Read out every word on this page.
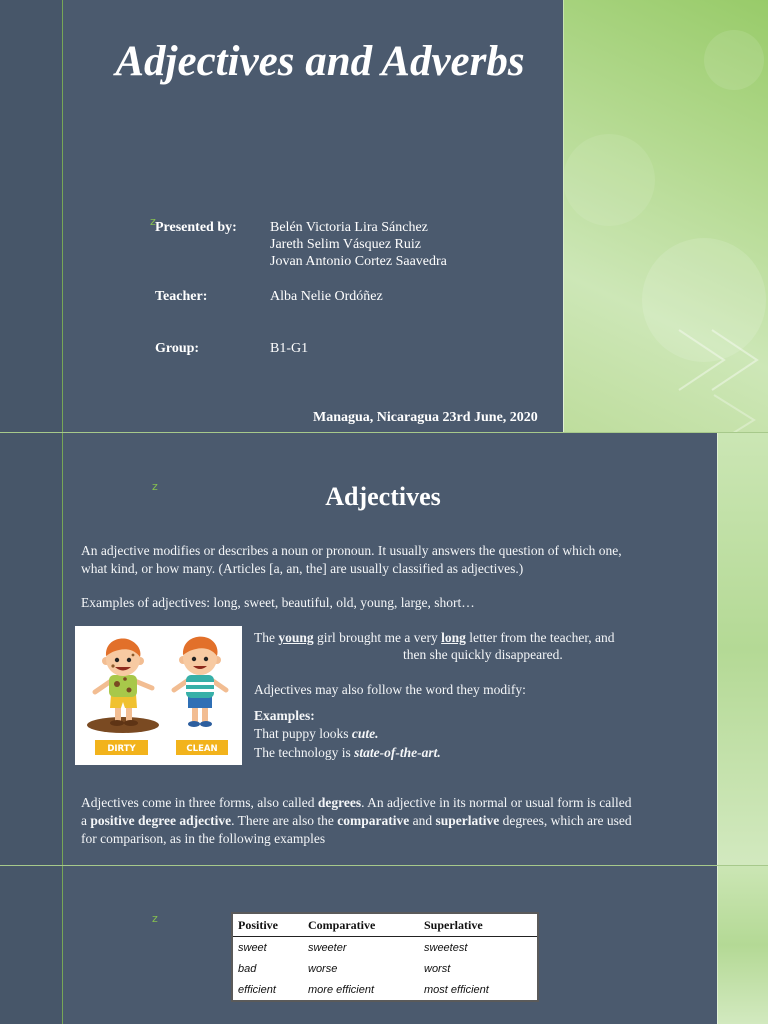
Adjectives and Adverbs
z Presented by: Belén Victoria Lira Sánchez
Jareth Selim Vásquez Ruiz
Jovan Antonio Cortez Saavedra
Teacher:	Alba Nelie Ordóñez
Group:	B1-G1
Managua, Nicaragua 23rd June, 2020
z	Adjectives
An adjective modifies or describes a noun or pronoun. It usually answers the question of which one,
what kind, or how many. (Articles [a, an, the] are usually classified as adjectives.)
Examples of adjectives: long, sweet, beautiful, old, young, large, short…
DIRTY	CLEAN
The young girl brought me a very long letter from the teacher, and
then she quickly disappeared.
Adjectives may also follow the word they modify:
Examples:
That puppy looks cute.
The technology is state-of-the-art.
Adjectives come in three forms, also called degrees. An adjective in its normal or usual form is called
a positive degree adjective. There are also the comparative and superlative degrees, which are used
for comparison, as in the following examples
z	Positive	Comparative	Superlative
sweet	sweeter	sweetest
bad	worse	worst
efficient	more efficient	most efficient
